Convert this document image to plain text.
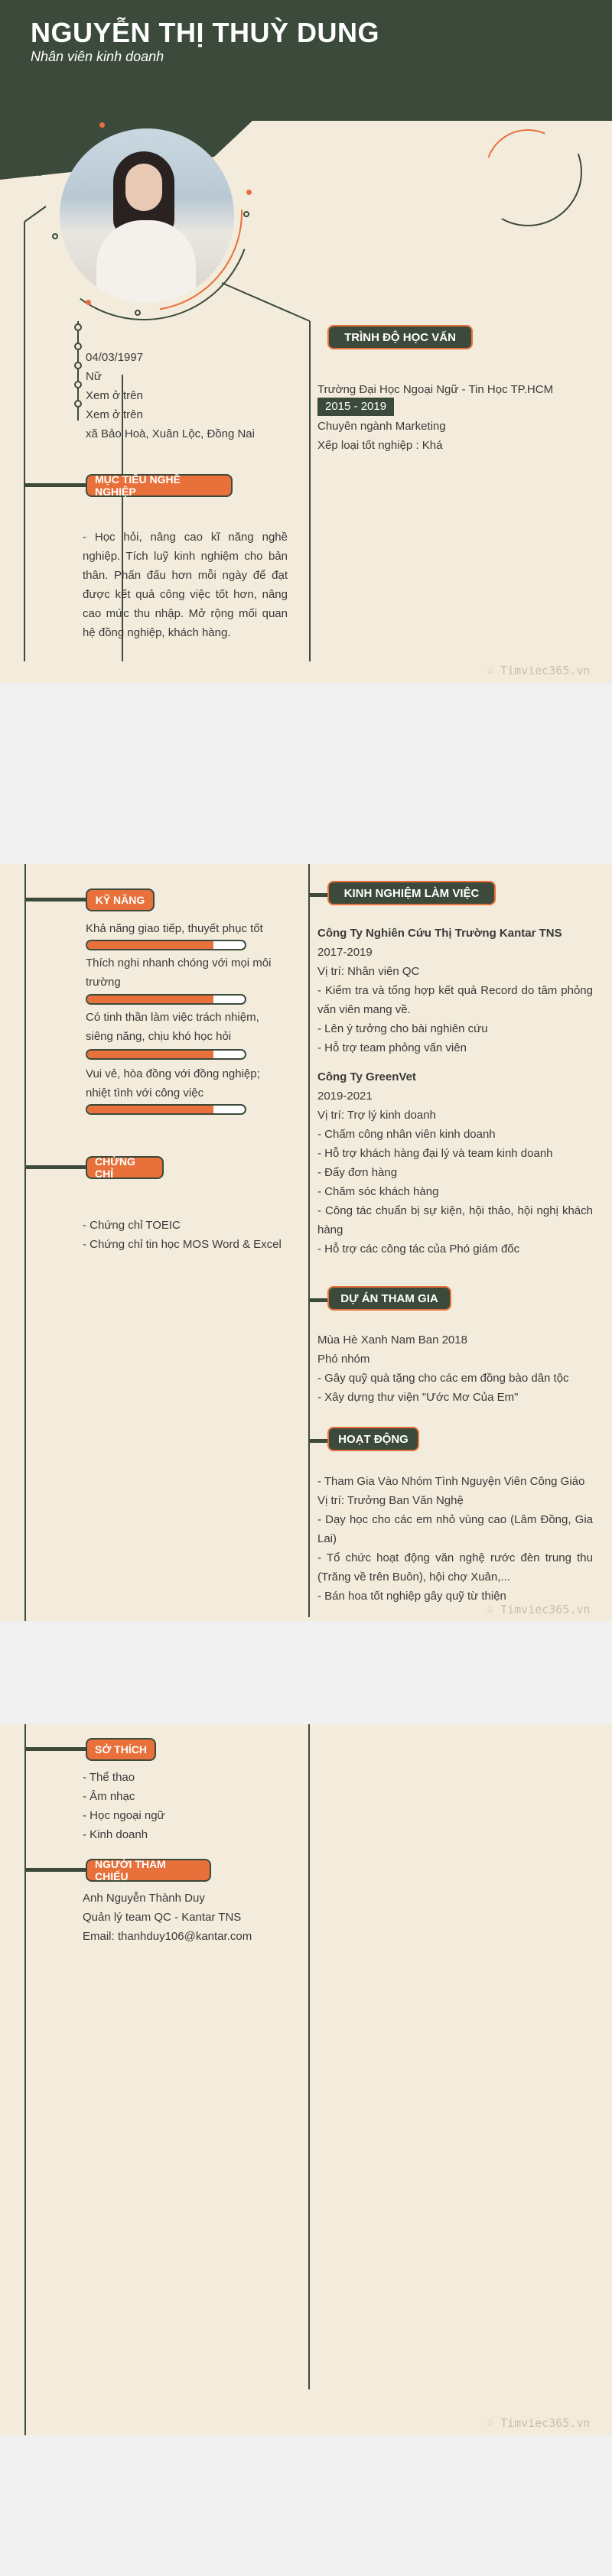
NGUYỄN THỊ THUỲ DUNG
Nhân viên kinh doanh
04/03/1997
Nữ
Xem ở trên
Xem ở trên
xã Bảo Hoà, Xuân Lộc, Đồng Nai
MỤC TIÊU NGHỀ NGHIỆP
- Học hỏi, nâng cao kĩ năng nghề nghiệp. Tích luỹ kinh nghiệm cho bản thân. Phấn đấu hơn mỗi ngày để đạt được kết quả công việc tốt hơn, nâng cao mức thu nhập. Mở rộng mối quan hệ đồng nghiệp, khách hàng.
TRÌNH ĐỘ HỌC VẤN
Trường Đại Học Ngoại Ngữ - Tin Học TP.HCM
2015 - 2019
Chuyên ngành Marketing
Xếp loại tốt nghiệp : Khá
♧ Timviec365.vn
KỸ NĂNG
Khả năng giao tiếp, thuyết phục tốt
Thích nghi nhanh chóng với mọi môi trường
Có tinh thần làm việc trách nhiệm, siêng năng, chịu khó học hỏi
Vui vẻ, hòa đồng với đồng nghiệp; nhiệt tình với công việc
CHỨNG CHỈ
- Chứng chỉ TOEIC
- Chứng chỉ tin học MOS Word & Excel
KINH NGHIỆM LÀM VIỆC
Công Ty Nghiên Cứu Thị Trường Kantar TNS
2017-2019
Vị trí: Nhân viên QC
- Kiểm tra và tổng hợp kết quả Record do tâm phỏng vấn viên mang về.
- Lên ý tưởng cho bài nghiên cứu
- Hỗ trợ team phỏng vấn viên
Công Ty GreenVet
2019-2021
Vị trí: Trợ lý kinh doanh
- Chấm công nhân viên kinh doanh
- Hỗ trợ khách hàng đại lý và team kinh doanh
- Đẩy đơn hàng
- Chăm sóc khách hàng
- Công tác chuẩn bị sự kiện, hội thảo, hội nghị khách hàng
- Hỗ trợ các công tác của Phó giám đốc
DỰ ÁN THAM GIA
Mùa Hè Xanh Nam Ban 2018
Phó nhóm
- Gây quỹ quà tặng cho các em đồng bào dân tộc
- Xây dựng thư viện "Ước Mơ Của Em"
HOẠT ĐỘNG
- Tham Gia Vào Nhóm Tình Nguyện Viên Công Giáo
Vị trí: Trưởng Ban Văn Nghệ
- Dạy học cho các em nhỏ vùng cao (Lâm Đồng, Gia Lai)
- Tổ chức hoạt động văn nghệ rước đèn trung thu (Trăng về trên Buôn), hội chợ Xuân,...
- Bán hoa tốt nghiệp gây quỹ từ thiện
♧ Timviec365.vn
SỞ THÍCH
- Thể thao
- Âm nhạc
- Học ngoại ngữ
- Kinh doanh
NGƯỜI THAM CHIẾU
Anh Nguyễn Thành Duy
Quản lý team QC - Kantar TNS
Email: thanhduy106@kantar.com
♧ Timviec365.vn
